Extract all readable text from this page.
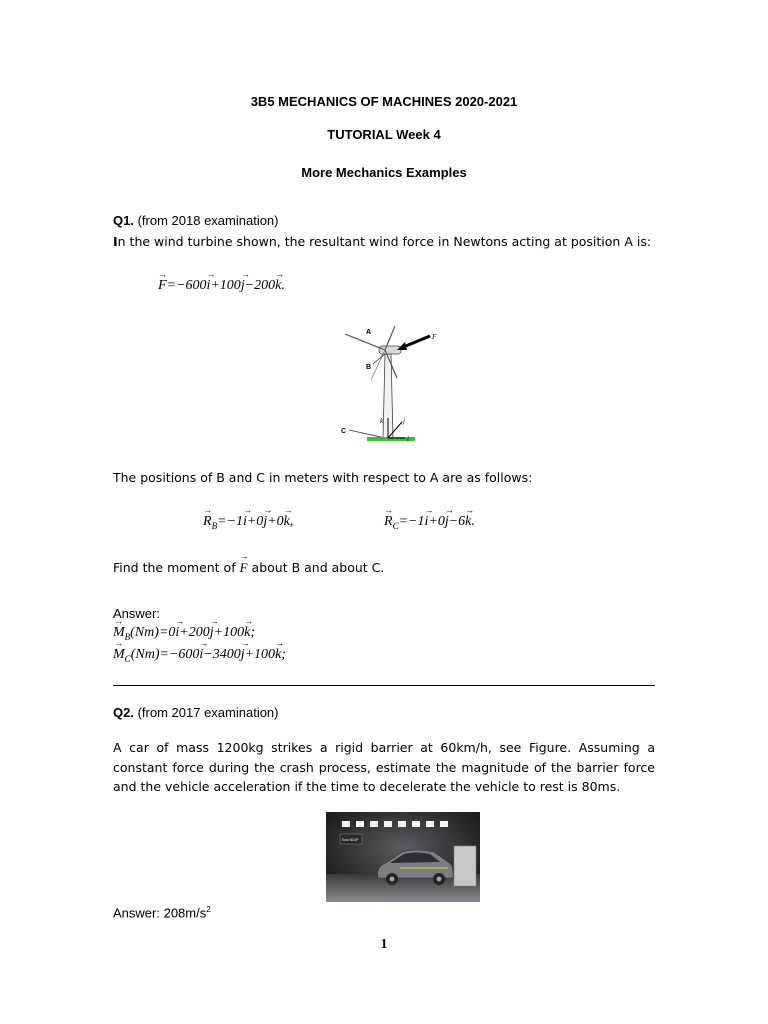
3B5 MECHANICS OF MACHINES 2020-2021
TUTORIAL Week 4
More Mechanics Examples
Q1. (from 2018 examination)
In the wind turbine shown, the resultant wind force in Newtons acting at position A is:
→ F=−600→ i+100→ j−200→ k.
A
B
C
F
i
j
k
The positions of B and C in meters with respect to A are as follows:
→ $R_B=-1\to i+0\to j+0\to k$,	→ $R_C=-1\to i+0\to j-6\to k$.
Find the moment of → F about B and about C.
Answer:
→ $M_B(Nm)=0\to i+200\to j+100\to k$;
→ $M_C(Nm)=-600\to i-3400\to j+100\to k$;
Q2. (from 2017 examination)
A car of mass 1200kg strikes a rigid barrier at 60km/h, see Figure. Assuming a constant force during the crash process, estimate the magnitude of the barrier force and the vehicle acceleration if the time to decelerate the vehicle to rest is 80ms.
Euro NCAP
Answer: $208m/s^2$
1
